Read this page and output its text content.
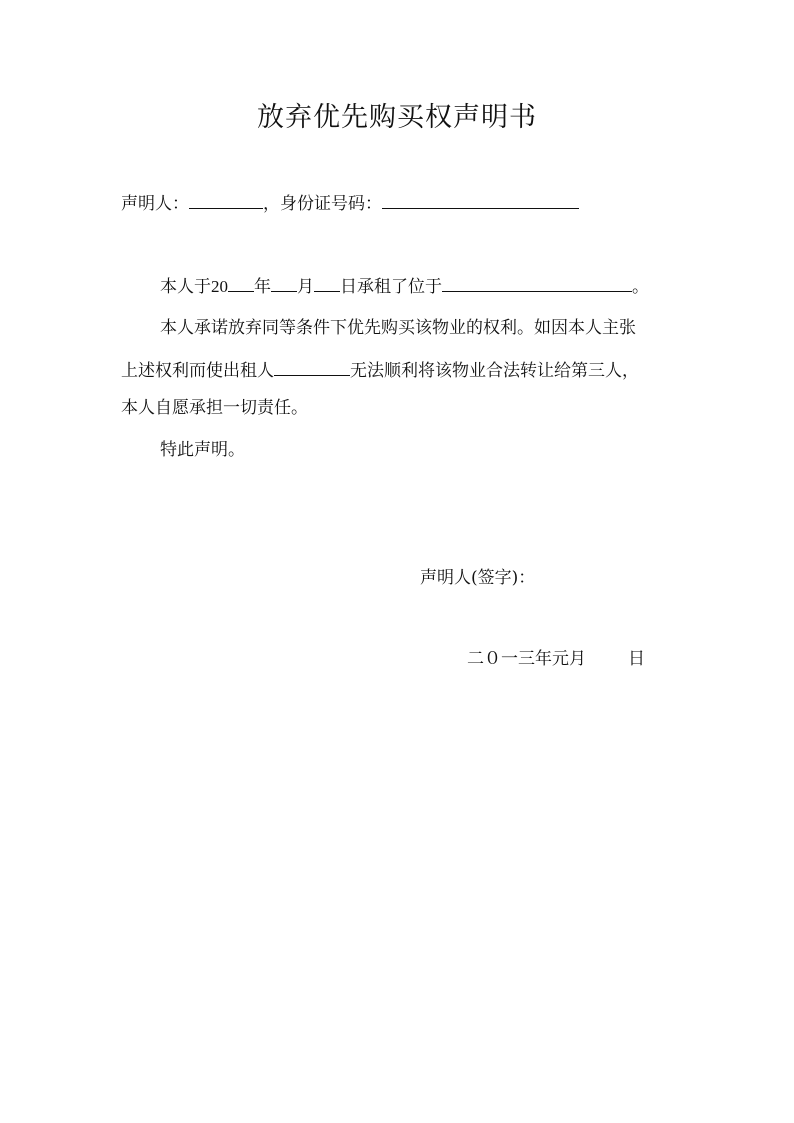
放弃优先购买权声明书
声明人：	，身份证号码：
本人于20 年 月 日承租了位于	。
本人承诺放弃同等条件下优先购买该物业的权利。如因本人主张
上述权利而使出租人	无法顺利将该物业合法转让给第三人，
本人自愿承担一切责任。
特此声明。
声明人(签字)：
二０一三年元月 日
